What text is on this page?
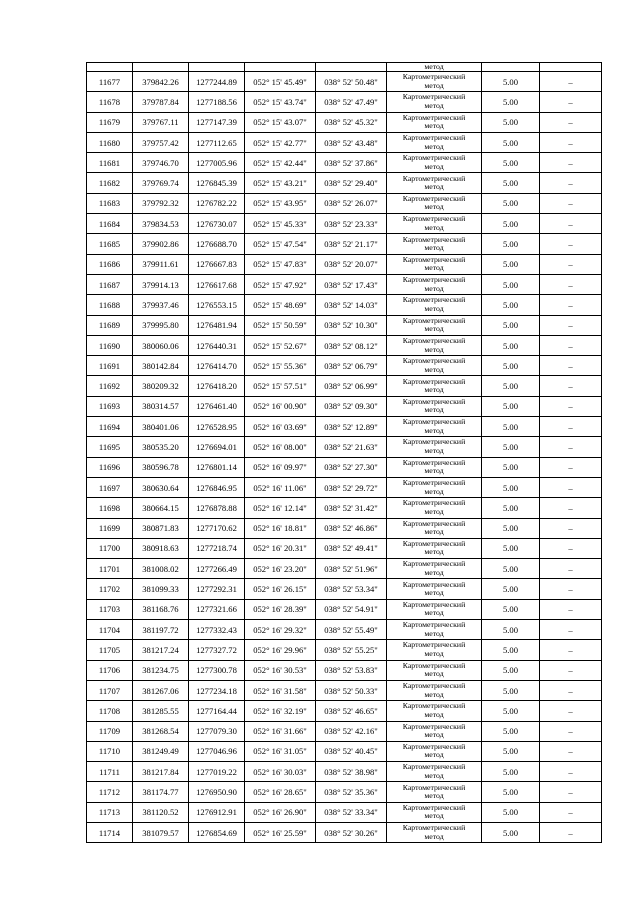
					метод		
11677	379842.26	1277244.89	052° 15' 45.49"	038° 52' 50.48"	Картометрический
метод	5.00	–
11678	379787.84	1277188.56	052° 15' 43.74"	038° 52' 47.49"	Картометрический
метод	5.00	–
11679	379767.11	1277147.39	052° 15' 43.07"	038° 52' 45.32"	Картометрический
метод	5.00	–
11680	379757.42	1277112.65	052° 15' 42.77"	038° 52' 43.48"	Картометрический
метод	5.00	–
11681	379746.70	1277005.96	052° 15' 42.44"	038° 52' 37.86"	Картометрический
метод	5.00	–
11682	379769.74	1276845.39	052° 15' 43.21"	038° 52' 29.40"	Картометрический
метод	5.00	–
11683	379792.32	1276782.22	052° 15' 43.95"	038° 52' 26.07"	Картометрический
метод	5.00	–
11684	379834.53	1276730.07	052° 15' 45.33"	038° 52' 23.33"	Картометрический
метод	5.00	–
11685	379902.86	1276688.70	052° 15' 47.54"	038° 52' 21.17"	Картометрический
метод	5.00	–
11686	379911.61	1276667.83	052° 15' 47.83"	038° 52' 20.07"	Картометрический
метод	5.00	–
11687	379914.13	1276617.68	052° 15' 47.92"	038° 52' 17.43"	Картометрический
метод	5.00	–
11688	379937.46	1276553.15	052° 15' 48.69"	038° 52' 14.03"	Картометрический
метод	5.00	–
11689	379995.80	1276481.94	052° 15' 50.59"	038° 52' 10.30"	Картометрический
метод	5.00	–
11690	380060.06	1276440.31	052° 15' 52.67"	038° 52' 08.12"	Картометрический
метод	5.00	–
11691	380142.84	1276414.70	052° 15' 55.36"	038° 52' 06.79"	Картометрический
метод	5.00	–
11692	380209.32	1276418.20	052° 15' 57.51"	038° 52' 06.99"	Картометрический
метод	5.00	–
11693	380314.57	1276461.40	052° 16' 00.90"	038° 52' 09.30"	Картометрический
метод	5.00	–
11694	380401.06	1276528.95	052° 16' 03.69"	038° 52' 12.89"	Картометрический
метод	5.00	–
11695	380535.20	1276694.01	052° 16' 08.00"	038° 52' 21.63"	Картометрический
метод	5.00	–
11696	380596.78	1276801.14	052° 16' 09.97"	038° 52' 27.30"	Картометрический
метод	5.00	–
11697	380630.64	1276846.95	052° 16' 11.06"	038° 52' 29.72"	Картометрический
метод	5.00	–
11698	380664.15	1276878.88	052° 16' 12.14"	038° 52' 31.42"	Картометрический
метод	5.00	–
11699	380871.83	1277170.62	052° 16' 18.81"	038° 52' 46.86"	Картометрический
метод	5.00	–
11700	380918.63	1277218.74	052° 16' 20.31"	038° 52' 49.41"	Картометрический
метод	5.00	–
11701	381008.02	1277266.49	052° 16' 23.20"	038° 52' 51.96"	Картометрический
метод	5.00	–
11702	381099.33	1277292.31	052° 16' 26.15"	038° 52' 53.34"	Картометрический
метод	5.00	–
11703	381168.76	1277321.66	052° 16' 28.39"	038° 52' 54.91"	Картометрический
метод	5.00	–
11704	381197.72	1277332.43	052° 16' 29.32"	038° 52' 55.49"	Картометрический
метод	5.00	–
11705	381217.24	1277327.72	052° 16' 29.96"	038° 52' 55.25"	Картометрический
метод	5.00	–
11706	381234.75	1277300.78	052° 16' 30.53"	038° 52' 53.83"	Картометрический
метод	5.00	–
11707	381267.06	1277234.18	052° 16' 31.58"	038° 52' 50.33"	Картометрический
метод	5.00	–
11708	381285.55	1277164.44	052° 16' 32.19"	038° 52' 46.65"	Картометрический
метод	5.00	–
11709	381268.54	1277079.30	052° 16' 31.66"	038° 52' 42.16"	Картометрический
метод	5.00	–
11710	381249.49	1277046.96	052° 16' 31.05"	038° 52' 40.45"	Картометрический
метод	5.00	–
11711	381217.84	1277019.22	052° 16' 30.03"	038° 52' 38.98"	Картометрический
метод	5.00	–
11712	381174.77	1276950.90	052° 16' 28.65"	038° 52' 35.36"	Картометрический
метод	5.00	–
11713	381120.52	1276912.91	052° 16' 26.90"	038° 52' 33.34"	Картометрический
метод	5.00	–
11714	381079.57	1276854.69	052° 16' 25.59"	038° 52' 30.26"	Картометрический
метод	5.00	–
